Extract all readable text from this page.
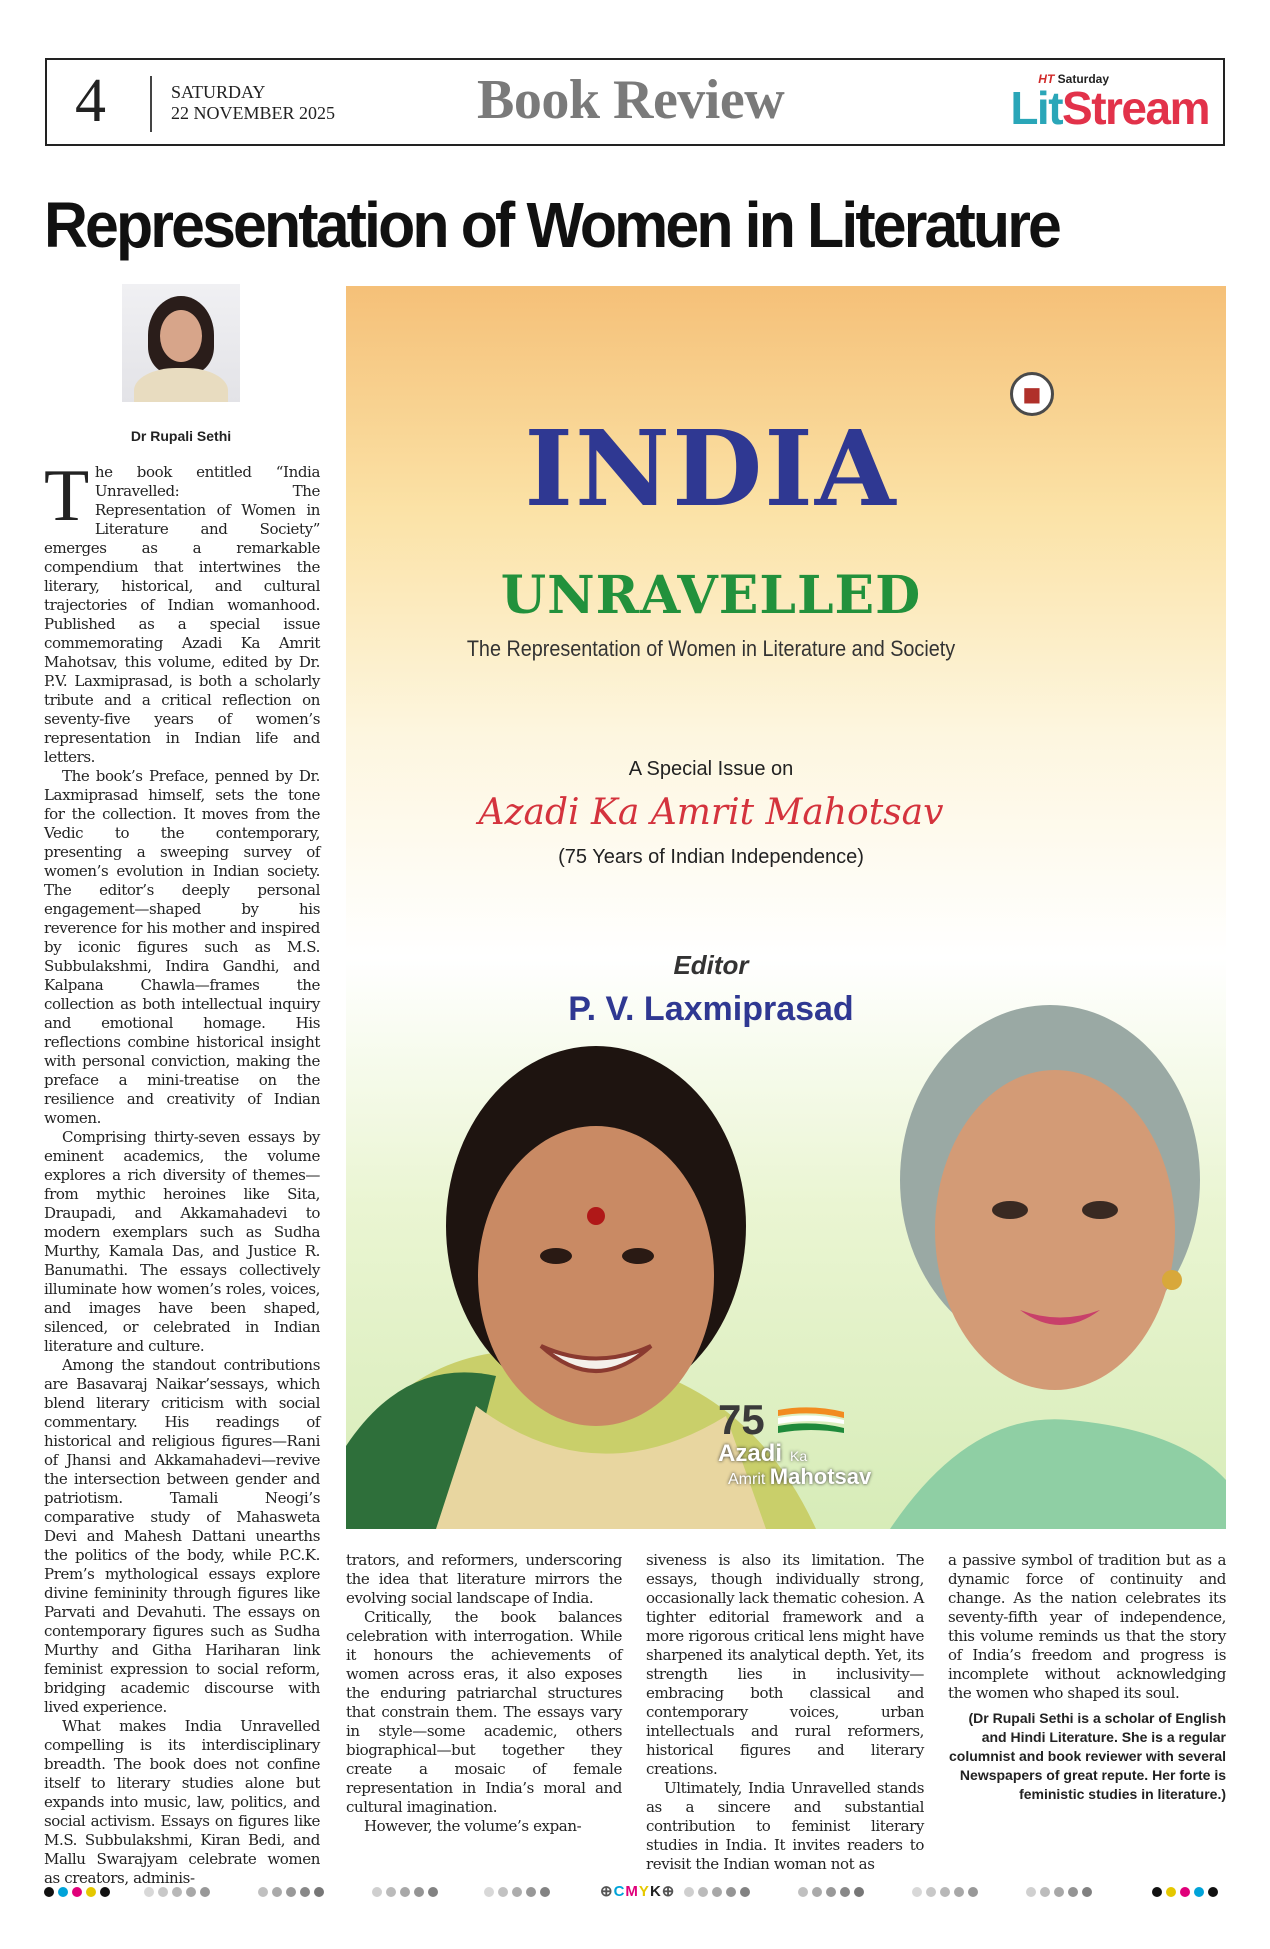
4	SATURDAY
22 NOVEMBER 2025	Book Review	HT Saturday
LitStream
Representation of Women in Literature
Dr Rupali Sethi

The book entitled “India Unravelled: The Representation of Women in Literature and Society” emerges as a remarkable compendium that intertwines the literary, historical, and cultural trajectories of Indian womanhood. Published as a special issue commemorating Azadi Ka Amrit Mahotsav, this volume, edited by Dr. P.V. Laxmiprasad, is both a scholarly tribute and a critical reflection on seventy-five years of women’s representation in Indian life and letters.

The book’s Preface, penned by Dr. Laxmiprasad himself, sets the tone for the collection. It moves from the Vedic to the contemporary, presenting a sweeping survey of women’s evolution in Indian society. The editor’s deeply personal engagement—shaped by his reverence for his mother and inspired by iconic figures such as M.S. Subbulakshmi, Indira Gandhi, and Kalpana Chawla—frames the collection as both intellectual inquiry and emotional homage. His reflections combine historical insight with personal conviction, making the preface a mini-treatise on the resilience and creativity of Indian women.

Comprising thirty-seven essays by eminent academics, the volume explores a rich diversity of themes—from mythic heroines like Sita, Draupadi, and Akkamahadevi to modern exemplars such as Sudha Murthy, Kamala Das, and Justice R. Banumathi. The essays collectively illuminate how women’s roles, voices, and images have been shaped, silenced, or celebrated in Indian literature and culture.

Among the standout contributions are Basavaraj Naikar’sessays, which blend literary criticism with social commentary. His readings of historical and religious figures—Rani of Jhansi and Akkamahadevi—revive the intersection between gender and patriotism. Tamali Neogi’s comparative study of Mahasweta Devi and Mahesh Dattani unearths the politics of the body, while P.C.K. Prem’s mythological essays explore divine femininity through figures like Parvati and Devahuti. The essays on contemporary figures such as Sudha Murthy and Githa Hariharan link feminist expression to social reform, bridging academic discourse with lived experience.

What makes India Unravelled compelling is its interdisciplinary breadth. The book does not confine itself to literary studies alone but expands into music, law, politics, and social activism. Essays on figures like M.S. Subbulakshmi, Kiran Bedi, and Mallu Swarajyam celebrate women as creators, adminis-

■
INDIA
UNRAVELLED
The Representation of Women in Literature and Society
A Special Issue on
Azadi Ka Amrit Mahotsav
(75 Years of Indian Independence)
Editor
P. V. Laxmiprasad
75
Azadi Ka
Amrit Mahotsav

trators, and reformers, underscoring the idea that literature mirrors the evolving social landscape of India.

Critically, the book balances celebration with interrogation. While it honours the achievements of women across eras, it also exposes the enduring patriarchal structures that constrain them. The essays vary in style—some academic, others biographical—but together they create a mosaic of female representation in India’s moral and cultural imagination.

However, the volume’s expan-

siveness is also its limitation. The essays, though individually strong, occasionally lack thematic cohesion. A tighter editorial framework and a more rigorous critical lens might have sharpened its analytical depth. Yet, its strength lies in inclusivity—embracing both classical and contemporary voices, urban intellectuals and rural reformers, historical figures and literary creations.

Ultimately, India Unravelled stands as a sincere and substantial contribution to feminist literary studies in India. It invites readers to revisit the Indian woman not as

a passive symbol of tradition but as a dynamic force of continuity and change. As the nation celebrates its seventy-fifth year of independence, this volume reminds us that the story of India’s freedom and progress is incomplete without acknowledging the women who shaped its soul.

(Dr Rupali Sethi is a scholar of English and Hindi Literature. She is a regular columnist and book reviewer with several Newspapers of great repute. Her forte is feministic studies in literature.)

⊕CMYK⊕
